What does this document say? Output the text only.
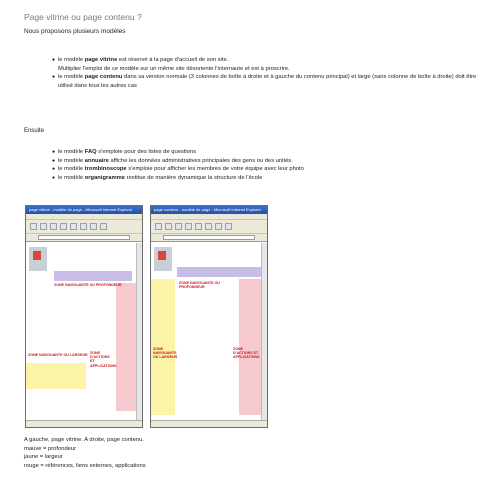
Page vitrine ou page contenu ?
Nous proposons plusieurs modèles
● le modèle page vitrine est réservé à la page d'accueil de son site.
Multiplier l'emploi de ce modèle sur un même site désoriente l'internaute et est à proscrire.
● le modèle page contenu dans sa version normale (3 colonnes de boîte à droite et à gauche du contenu principal) et large (sans colonne de boîte à droite) doit être utilisé dans tous les autres cas
Ensuite
● le modèle FAQ s'emploie pour des listes de questions
● le modèle annuaire affiche les données administratives principales des gens ou des unités.
● le modèle trombinoscope s'emploie pour afficher les membres de votre équipe avec leur photo
● le modèle organigramme restitue de manière dynamique la structure de l'école
page vitrine - modèle de page - Microsoft Internet Explorer
ZONE NAVIGUANTE OU PROFONDEUR
ZONE NAVIGUANTE OU LARGEUR ZONE D'ACTIONS ET APPLICATIONS
page contenu - modèle de page - Microsoft Internet Explorer
ZONE NAVIGUANTE OU PROFONDEUR
ZONE NAVIGUANTE OU LARGEUR
ZONE D'ACTIONS ET APPLICATIONS
A gauche, page vitrine. A droite, page contenu.
mauve = profondeur
jaune = largeur
rouge = références, liens externes, applications
